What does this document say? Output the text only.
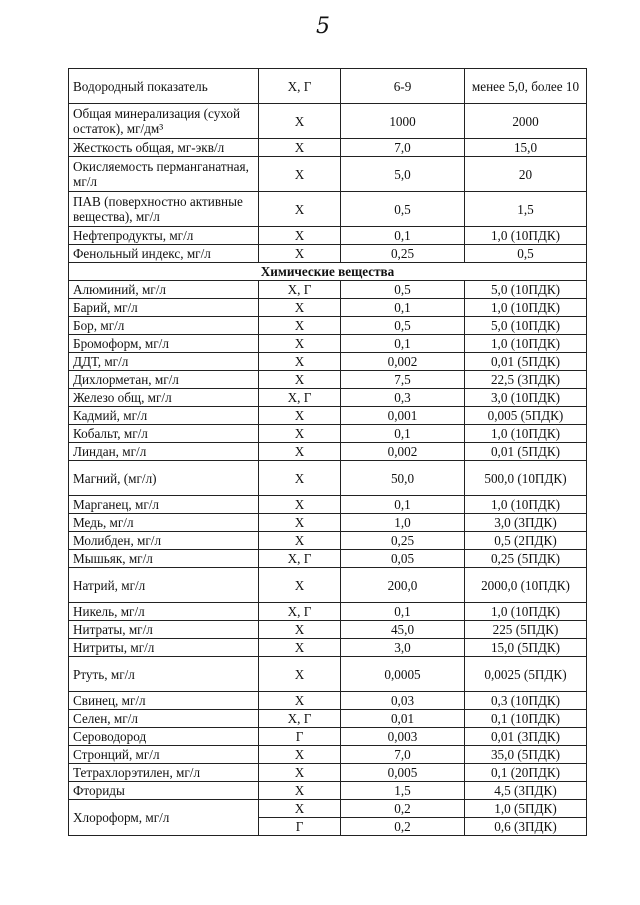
5
Водородный показатель	Х, Г	6-9	менее 5,0, более 10
Общая минерализация (сухой остаток), мг/дм³	Х	1000	2000
Жесткость общая, мг-экв/л	Х	7,0	15,0
Окисляемость перманганатная, мг/л	Х	5,0	20
ПАВ (поверхностно активные вещества), мг/л	Х	0,5	1,5
Нефтепродукты, мг/л	Х	0,1	1,0 (10ПДК)
Фенольный индекс, мг/л	Х	0,25	0,5
Химические вещества			
Алюминий, мг/л	Х, Г	0,5	5,0 (10ПДК)
Барий, мг/л	Х	0,1	1,0 (10ПДК)
Бор, мг/л	Х	0,5	5,0 (10ПДК)
Бромоформ, мг/л	Х	0,1	1,0 (10ПДК)
ДДТ, мг/л	Х	0,002	0,01 (5ПДК)
Дихлорметан, мг/л	Х	7,5	22,5 (3ПДК)
Железо общ, мг/л	Х, Г	0,3	3,0 (10ПДК)
Кадмий, мг/л	Х	0,001	0,005 (5ПДК)
Кобальт, мг/л	Х	0,1	1,0 (10ПДК)
Линдан, мг/л	Х	0,002	0,01 (5ПДК)
Магний, (мг/л)	Х	50,0	500,0 (10ПДК)
Марганец, мг/л	Х	0,1	1,0 (10ПДК)
Медь, мг/л	Х	1,0	3,0 (3ПДК)
Молибден, мг/л	Х	0,25	0,5 (2ПДК)
Мышьяк, мг/л	Х, Г	0,05	0,25 (5ПДК)
Натрий, мг/л	Х	200,0	2000,0 (10ПДК)
Никель, мг/л	Х, Г	0,1	1,0 (10ПДК)
Нитраты, мг/л	Х	45,0	225 (5ПДК)
Нитриты, мг/л	Х	3,0	15,0 (5ПДК)
Ртуть, мг/л	Х	0,0005	0,0025 (5ПДК)
Свинец, мг/л	Х	0,03	0,3 (10ПДК)
Селен, мг/л	Х, Г	0,01	0,1 (10ПДК)
Сероводород	Г	0,003	0,01 (3ПДК)
Стронций, мг/л	Х	7,0	35,0 (5ПДК)
Тетрахлорэтилен, мг/л	Х	0,005	0,1 (20ПДК)
Фториды	Х	1,5	4,5 (3ПДК)
Хлороформ, мг/л	Х	0,2	1,0 (5ПДК)
	Г	0,2	0,6 (3ПДК)
